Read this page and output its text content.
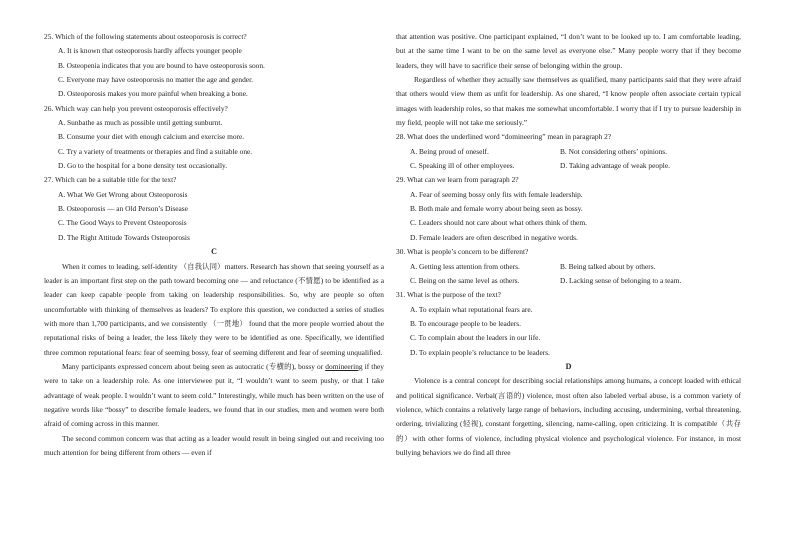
25. Which of the following statements about osteoporosis is correct?
A. It is known that osteoporosis hardly affects younger people
B. Osteopenia indicates that you are bound to have osteoporosis soon.
C. Everyone may have osteoporosis no matter the age and gender.
D. Osteoporosis makes you more painful when breaking a bone.
26. Which way can help you prevent osteoporosis effectively?
A. Sunbathe as much as possible until getting sunburnt.
B. Consume your diet with enough calcium and exercise more.
C. Try a variety of treatments or therapies and find a suitable one.
D. Go to the hospital for a bone density test occasionally.
27. Which can be a suitable title for the text?
A. What We Get Wrong about Osteoporosis
B. Osteoporosis — an Old Person’s Disease
C. The Good Ways to Prevent Osteoporosis
D. The Right Attitude Towards Osteoporosis
C
When it comes to leading, self-identity （自我认同）matters. Research has shown that seeing yourself as a leader is an important first step on the path toward becoming one — and reluctance (不情愿) to be identified as a leader can keep capable people from taking on leadership responsibilities. So, why are people so often uncomfortable with thinking of themselves as leaders? To explore this question, we conducted a series of studies with more than 1,700 participants, and we consistently （一贯地） found that the more people worried about the reputational risks of being a leader, the less likely they were to be identified as one. Specifically, we identified three common reputational fears: fear of seeming bossy, fear of seeming different and fear of seeming unqualified.
Many participants expressed concern about being seen as autocratic (专横的), bossy or domineering if they were to take on a leadership role. As one interviewee put it, “I wouldn’t want to seem pushy, or that I take advantage of weak people. I wouldn’t want to seem cold.” Interestingly, while much has been written on the use of negative words like “bossy” to describe female leaders, we found that in our studies, men and women were both afraid of coming across in this manner.
The second common concern was that acting as a leader would result in being singled out and receiving too much attention for being different from others — even if
that attention was positive. One participant explained, “I don’t want to be looked up to. I am comfortable leading, but at the same time I want to be on the same level as everyone else.” Many people worry that if they become leaders, they will have to sacrifice their sense of belonging within the group.
Regardless of whether they actually saw themselves as qualified, many participants said that they were afraid that others would view them as unfit for leadership. As one shared, “I know people often associate certain typical images with leadership roles, so that makes me somewhat uncomfortable. I worry that if I try to pursue leadership in my field, people will not take me seriously.”
28. What does the underlined word “domineering” mean in paragraph 2?
A. Being proud of oneself.	B. Not considering others’ opinions.
C. Speaking ill of other employees.	D. Taking advantage of weak people.
29. What can we learn from paragraph 2?
A. Fear of seeming bossy only fits with female leadership.
B. Both male and female worry about being seen as bossy.
C. Leaders should not care about what others think of them.
D. Female leaders are often described in negative words.
30. What is people’s concern to be different?
A. Getting less attention from others.	B. Being talked about by others.
C. Being on the same level as others.	D. Lacking sense of belonging to a team.
31. What is the purpose of the text?
A. To explain what reputational fears are.
B. To encourage people to be leaders.
C. To complain about the leaders in our life.
D. To explain people’s reluctance to be leaders.
D
Violence is a central concept for describing social relationships among humans, a concept loaded with ethical and political significance. Verbal(言语的) violence, most often also labeled verbal abuse, is a common variety of violence, which contains a relatively large range of behaviors, including accusing, undermining, verbal threatening, ordering, trivializing (轻视), constant forgetting, silencing, name-calling, open criticizing. It is compatible（共存的）with other forms of violence, including physical violence and psychological violence. For instance, in most bullying behaviors we do find all three
